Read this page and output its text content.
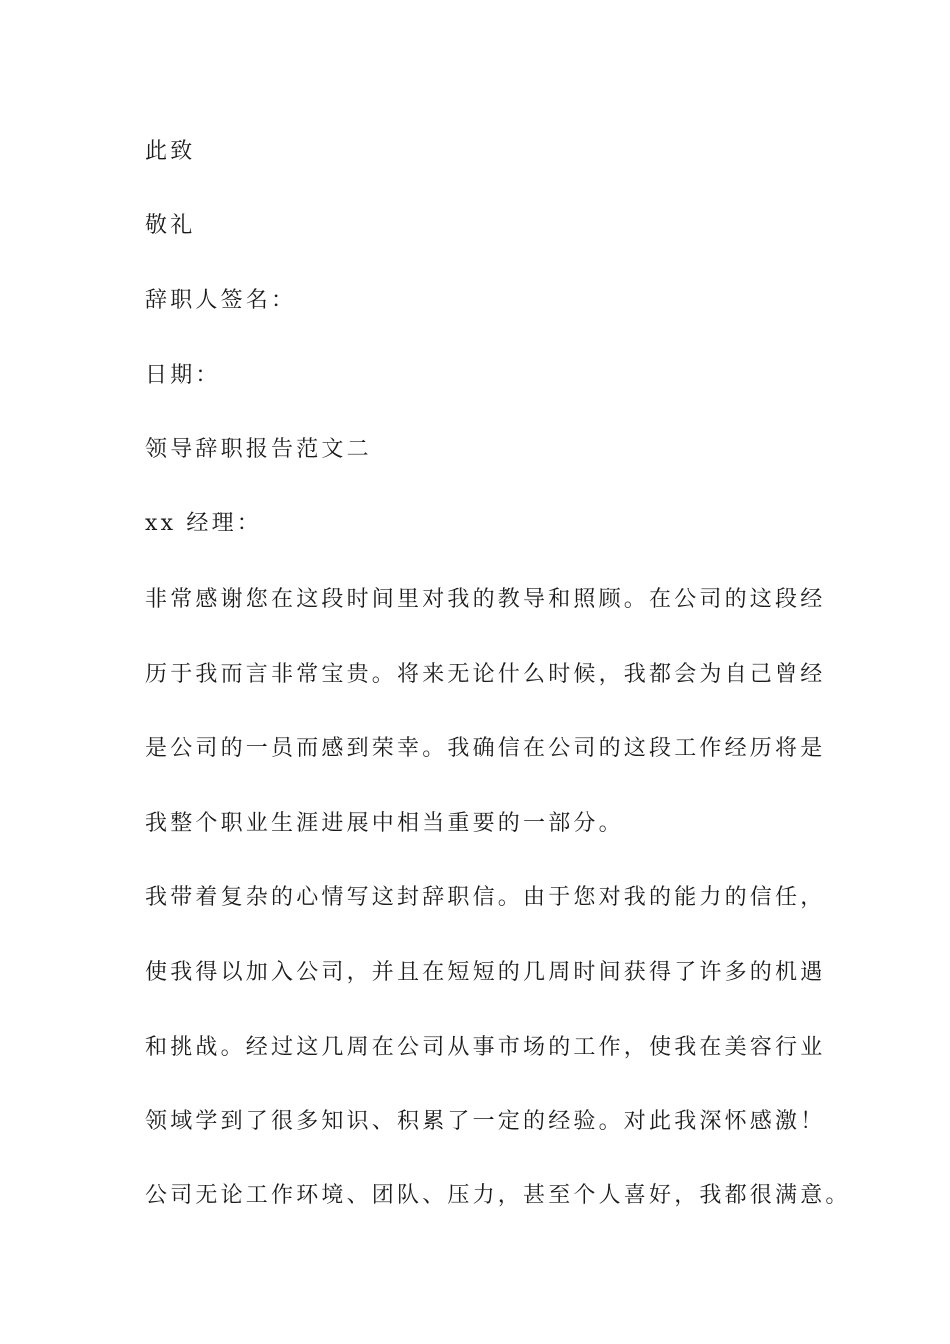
此致
敬礼
辞职人签名：
日期：
领导辞职报告范文二
xx 经理：
非常感谢您在这段时间里对我的教导和照顾。在公司的这段经
历于我而言非常宝贵。将来无论什么时候，我都会为自己曾经
是公司的一员而感到荣幸。我确信在公司的这段工作经历将是
我整个职业生涯进展中相当重要的一部分。
我带着复杂的心情写这封辞职信。由于您对我的能力的信任，
使我得以加入公司，并且在短短的几周时间获得了许多的机遇
和挑战。经过这几周在公司从事市场的工作，使我在美容行业
领域学到了很多知识、积累了一定的经验。对此我深怀感激！
公司无论工作环境、团队、压力，甚至个人喜好，我都很满意。
